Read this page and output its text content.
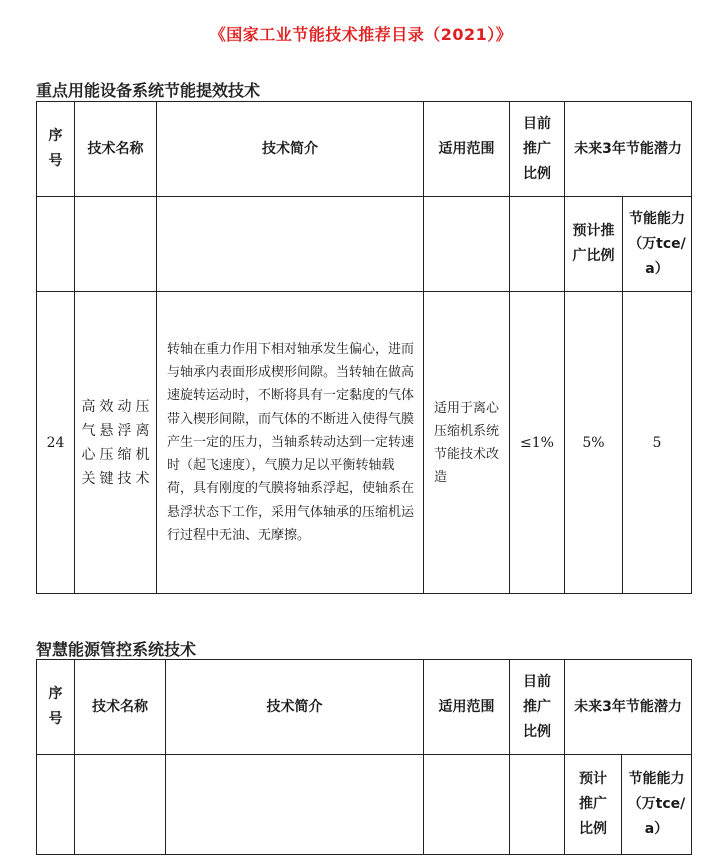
《国家工业节能技术推荐目录（2021）》
重点用能设备系统节能提效技术
序号	技术名称	技术简介	适用范围	目前推广比例	未来3年节能潜力	

					预计推广比例	节能能力（万tce/a）

24	高效动压气悬浮离心压缩机关键技术	转轴在重力作用下相对轴承发生偏心，进而与轴承内表面形成楔形间隙。当转轴在做高速旋转运动时，不断将具有一定黏度的气体带入楔形间隙，而气体的不断进入使得气膜产生一定的压力，当轴系转动达到一定转速时（起飞速度），气膜力足以平衡转轴载荷，具有刚度的气膜将轴系浮起，使轴系在悬浮状态下工作，采用气体轴承的压缩机运行过程中无油、无摩擦。	适用于离心压缩机系统节能技术改造	≤1%	5%	5
智慧能源管控系统技术
序号	技术名称	技术简介	适用范围	目前推广比例	未来3年节能潜力	

					预计推广比例	节能能力（万tce/a）
